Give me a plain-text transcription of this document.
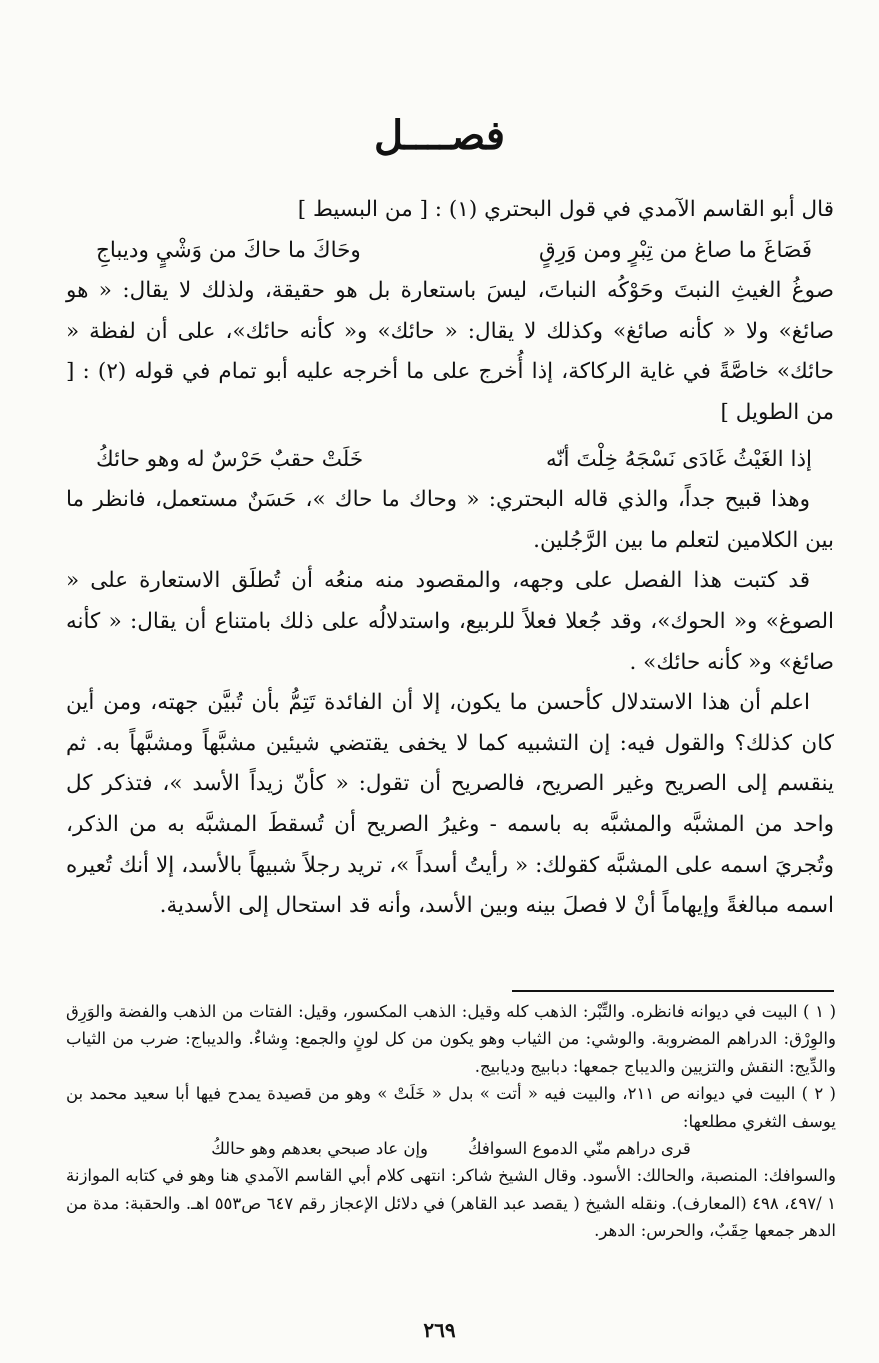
فصــــل

قال أبو القاسم الآمدي في قول البحتري (١) : [ من البسيط ]

فَصَاغَ ما صاغ من تِبْرٍ ومن وَرِقٍ
وحَاكَ ما حاكَ من وَشْيٍ وديباجِ

صوغُ الغيثِ النبتَ وحَوْكُه النباتَ، ليسَ باستعارة بل هو حقيقة، ولذلك لا يقال: « هو صائغ» ولا « كأنه صائغ» وكذلك لا يقال: « حائك» و« كأنه حائك»، على أن لفظة « حائك» خاصَّةً في غاية الركاكة، إذا أُخرج على ما أخرجه عليه أبو تمام في قوله (٢) : [ من الطويل ]

إذا الغَيْثُ غَادَى نَسْجَهُ خِلْتَ أنّه
خَلَتْ حقبٌ حَرْسٌ له وهو حائكُ

وهذا قبيح جداً، والذي قاله البحتري: « وحاك ما حاك »، حَسَنٌ مستعمل، فانظر ما بين الكلامين لتعلم ما بين الرَّجُلين.

قد كتبت هذا الفصل على وجهه، والمقصود منه منعُه أن تُطلَق الاستعارة على « الصوغ» و« الحوك»، وقد جُعلا فعلاً للربيع، واستدلالُه على ذلك بامتناع أن يقال: « كأنه صائغ» و« كأنه حائك» .

اعلم أن هذا الاستدلال كأحسن ما يكون، إلا أن الفائدة تَتِمُّ بأن تُبيَّن جهته، ومن أين كان كذلك؟ والقول فيه: إن التشبيه كما لا يخفى يقتضي شيئين مشبَّهاً ومشبَّهاً به. ثم ينقسم إلى الصريح وغير الصريح، فالصريح أن تقول: « كأنّ زيداً الأسد »، فتذكر كل واحد من المشبَّه والمشبَّه به باسمه - وغيرُ الصريح أن تُسقطَ المشبَّه به من الذكر، وتُجريَ اسمه على المشبَّه كقولك: « رأيتُ أسداً »، تريد رجلاً شبيهاً بالأسد، إلا أنك تُعيره اسمه مبالغةً وإيهاماً أنْ لا فصلَ بينه وبين الأسد، وأنه قد استحال إلى الأسدية.

( ١ ) البيت في ديوانه فانظره. والتِّبْر: الذهب كله وقيل: الذهب المكسور، وقيل: الفتات من الذهب والفضة والوَرِق والوِرْق: الدراهم المضروبة. والوشي: من الثياب وهو يكون من كل لونٍ والجمع: وِشاءٌ. والديباج: ضرب من الثياب والدِّيج: النقش والتزيين والديباج جمعها: دبابيج وديابيج.

( ٢ ) البيت في ديوانه ص ٢١١، والبيت فيه « أتت » بدل « خَلَتْ » وهو من قصيدة يمدح فيها أبا سعيد محمد بن يوسف الثغري مطلعها:

قرى دراهم منّي الدموع السوافكُ
وإن عاد صبحي بعدهم وهو حالكُ

والسوافك: المنصبة، والحالك: الأسود. وقال الشيخ شاكر: انتهى كلام أبي القاسم الآمدي هنا وهو في كتابه الموازنة ١ /٤٩٧، ٤٩٨ (المعارف). ونقله الشيخ ( يقصد عبد القاهر) في دلائل الإعجاز رقم ٦٤٧ ص٥٥٣ اهـ. والحقبة: مدة من الدهر جمعها حِقَبٌ، والحرس: الدهر.

٢٦٩
